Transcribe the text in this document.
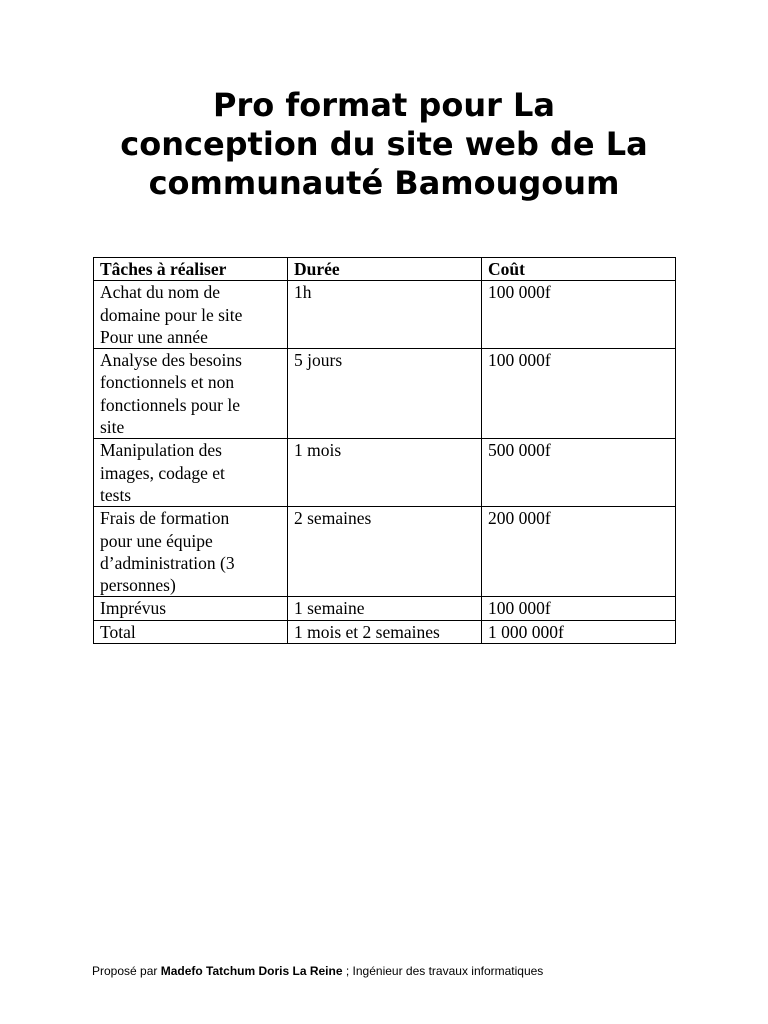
Pro format pour La
conception du site web de La
communauté Bamougoum
Tâches à réaliser	Durée	Coût

Achat du nom de
domaine pour le site
Pour une année	1h	100 000f

Analyse des besoins
fonctionnels et non
fonctionnels pour le
site	5 jours	100 000f

Manipulation des
images, codage et
tests	1 mois	500 000f

Frais de formation
pour une équipe
d’administration (3
personnes)	2 semaines	200 000f

Imprévus	1 semaine	100 000f

Total	1 mois et 2 semaines	1 000 000f
Proposé par Madefo Tatchum Doris La Reine ; Ingénieur des travaux informatiques
